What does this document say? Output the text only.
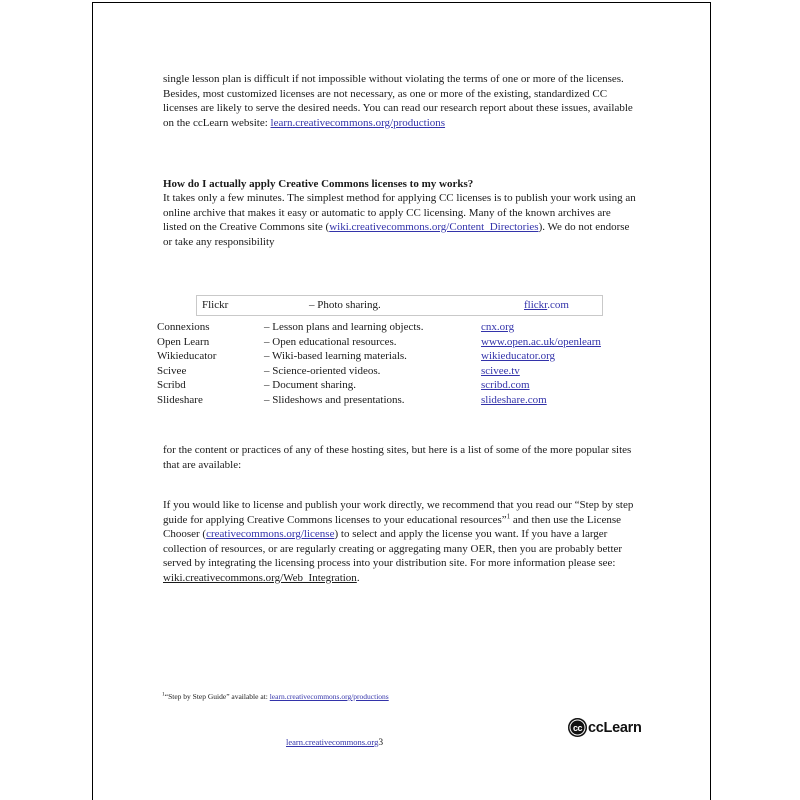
single lesson plan is difficult if not impossible without violating the terms of one or more of the licenses. Besides, most customized licenses are not necessary, as one or more of the existing, standardized CC licenses are likely to serve the desired needs. You can read our research report about these issues, available on the ccLearn website: learn.creativecommons.org/productions
How do I actually apply Creative Commons licenses to my works?
It takes only a few minutes. The simplest method for applying CC licenses is to publish your work using an online archive that makes it easy or automatic to apply CC licensing. Many of the known archives are listed on the Creative Commons site (wiki.creativecommons.org/Content_Directories). We do not endorse or take any responsibility
Flickr	– Photo sharing.	flickr.com
Connexions	– Lesson plans and learning objects.	cnx.org
Open Learn	– Open educational resources.	www.open.ac.uk/openlearn
Wikieducator	– Wiki-based learning materials.	wikieducator.org
Scivee	– Science-oriented videos.	scivee.tv
Scribd	– Document sharing.	scribd.com
Slideshare	– Slideshows and presentations.	slideshare.com
for the content or practices of any of these hosting sites, but here is a list of some of the more popular sites that are available:
If you would like to license and publish your work directly, we recommend that you read our “Step by step guide for applying Creative Commons licenses to your educational resources”$^1$ and then use the License Chooser (creativecommons.org/license) to select and apply the license you want. If you have a larger collection of resources, or are regularly creating or aggregating many OER, then you are probably better served by integrating the licensing process into your distribution site. For more information please see: wiki.creativecommons.org/Web_Integration.
$^1$“Step by Step Guide” available at: learn.creativecommons.org/productions
cc ccLearn
learn.creativecommons.org3
